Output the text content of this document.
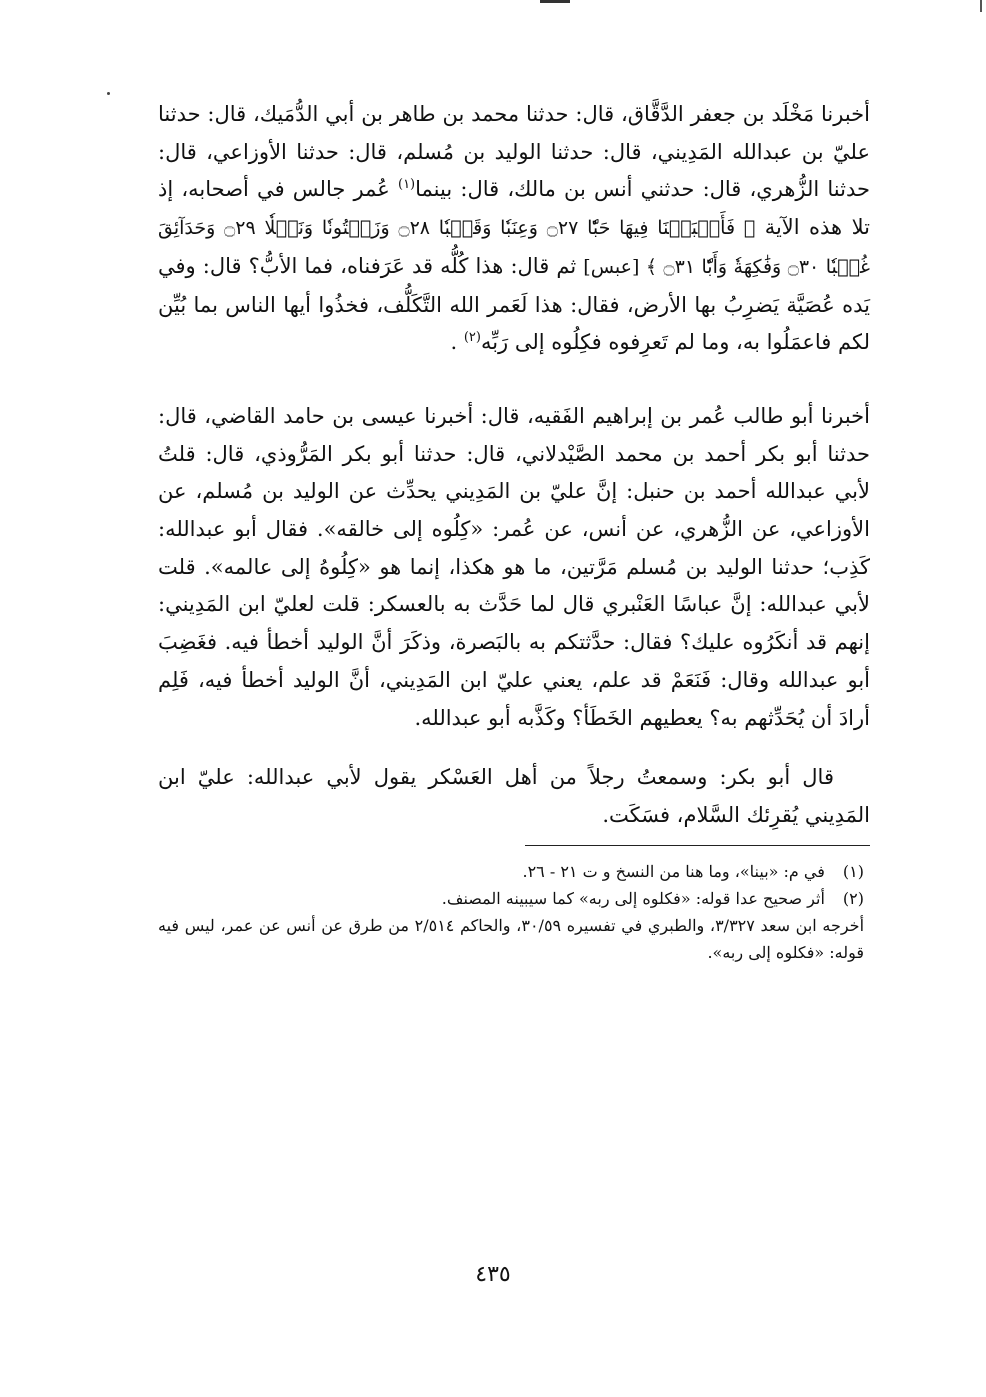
أخبرنا مَخْلَد بن جعفر الدَّقَّاق، قال: حدثنا محمد بن طاهر بن أبي الدُّمَيك، قال: حدثنا عليّ بن عبدالله المَدِيني، قال: حدثنا الوليد بن مُسلم، قال: حدثنا الأوزاعي، قال: حدثنا الزُّهري، قال: حدثني أنس بن مالك، قال: بينما$^{(١)}$ عُمر جالس في أصحابه، إذ تلا هذه الآية ﴿ فَأَنۢبَتۡنَا فِيهَا حَبّٗا ۝٢٧ وَعِنَبٗا وَقَضۡبٗا ۝٢٨ وَزَيۡتُونٗا وَنَخۡلٗا ۝٢٩ وَحَدَآئِقَ غُلۡبٗا ۝٣٠ وَفَٰكِهَةٗ وَأَبّٗا ۝٣١ ﴾ [عبس] ثم قال: هذا كُلُّه قد عَرَفناه، فما الأبُّ؟ قال: وفي يَده عُصَيَّة يَضرِبُ بها الأرض، فقال: هذا لَعَمر الله التَّكَلُّف، فخذُوا أيها الناس بما بُيِّن لكم فاعمَلُوا به، وما لم تَعرِفوه فكِلُوه إلى رَبِّه$^{(٢)}$ .

أخبرنا أبو طالب عُمر بن إبراهيم الفَقيه، قال: أخبرنا عيسى بن حامد القاضي، قال: حدثنا أبو بكر أحمد بن محمد الصَّيْدلاني، قال: حدثنا أبو بكر المَرُّوذي، قال: قلتُ لأبي عبدالله أحمد بن حنبل: إنَّ عليّ بن المَدِيني يحدِّث عن الوليد بن مُسلم، عن الأوزاعي، عن الزُّهري، عن أنس، عن عُمر: «كِلُوه إلى خالقه». فقال أبو عبدالله: كَذِب؛ حدثنا الوليد بن مُسلم مَرَّتين، ما هو هكذا، إنما هو «كِلُوهُ إلى عالمه». قلت لأبي عبدالله: إنَّ عباسًا العَنْبري قال لما حَدَّث به بالعسكر: قلت لعليّ ابن المَدِيني: إنهم قد أنكَرُوه عليك؟ فقال: حدَّثتكم به بالبَصرة، وذكَرَ أنَّ الوليد أخطأ فيه. فغَضِبَ أبو عبدالله وقال: فَنَعَمْ قد علم، يعني عليّ ابن المَدِيني، أنَّ الوليد أخطأ فيه، فَلِم أرادَ أن يُحَدِّثهم به؟ يعطيهم الخَطَأ؟ وكَذَّبه أبو عبدالله.

قال أبو بكر: وسمعتُ رجلاً من أهل العَسْكر يقول لأبي عبدالله: عليّ ابن المَدِيني يُقرِئك السَّلام، فسَكَت.

(١) في م: «بينا»، وما هنا من النسخ و ت ٢١ - ٢٦.

(٢) أثر صحيح عدا قوله: «فكلوه إلى ربه» كما سيبينه المصنف.

أخرجه ابن سعد ٣/٣٢٧، والطبري في تفسيره ٣٠/٥٩، والحاكم ٢/٥١٤ من طرق عن أنس عن عمر، ليس فيه قوله: «فكلوه إلى ربه».

٤٣٥
